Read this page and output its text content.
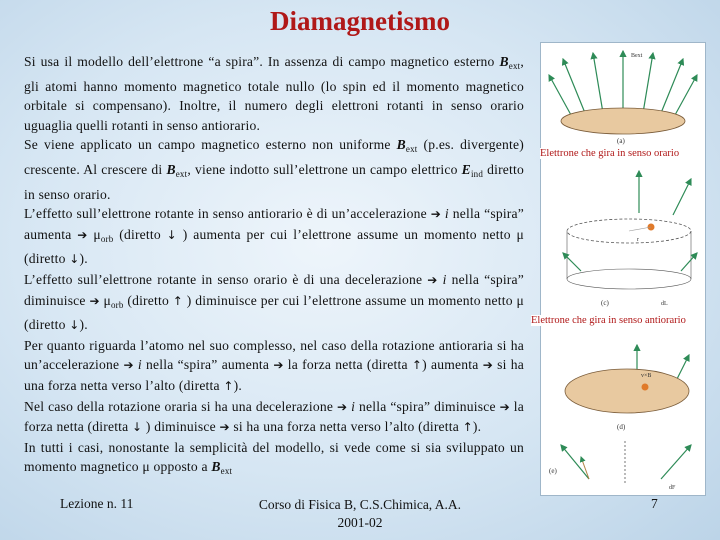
Diamagnetismo

Si usa il modello dell’elettrone “a spira”. In assenza di campo magnetico esterno $B_{ext}$, gli atomi hanno momento magnetico totale nullo (lo spin ed il momento magnetico orbitale si compensano). Inoltre, il numero degli elettroni rotanti in senso orario uguaglia quelli rotanti in senso antiorario.

Se viene applicato un campo magnetico esterno non uniforme $B_{ext}$ (p.es. divergente) crescente. Al crescere di $B_{ext}$, viene indotto sull’elettrone un campo elettrico $E_{ind}$ diretto in senso orario.

L’effetto sull’elettrone rotante in senso antiorario è di un’accelerazione ➔ i nella “spira” aumenta ➔ $\mu_{orb}$ (diretto ↓ ) aumenta per cui l’elettrone assume un momento netto μ (diretto ↓).

L’effetto sull’elettrone rotante in senso orario è di una decelerazione ➔ i nella “spira” diminuisce ➔ $\mu_{orb}$ (diretto ↑ ) diminuisce per cui l’elettrone assume un momento netto μ (diretto ↓).

Per quanto riguarda l’atomo nel suo complesso, nel caso della rotazione antioraria si ha un’accelerazione ➔ i nella “spira” aumenta ➔ la forza netta (diretta ↑) aumenta ➔ si ha una forza netta verso l’alto (diretta ↑).

Nel caso della rotazione oraria si ha una decelerazione ➔ i nella “spira” diminuisce ➔ la forza netta (diretta ↓ ) diminuisce ➔ si ha una forza netta verso l’alto (diretta ↑).

In tutti i casi, nonostante la semplicità del modello, si vede come si sia sviluppato un momento magnetico μ opposto a $B_{ext}$

Bext
(a)
r
dL
(c)
v×B
(d)
dF
(e)
Elettrone che gira in senso orario
Elettrone che gira in senso antiorario
Lezione n. 11	Corso di Fisica B, C.S.Chimica, A.A.
2001-02
7
